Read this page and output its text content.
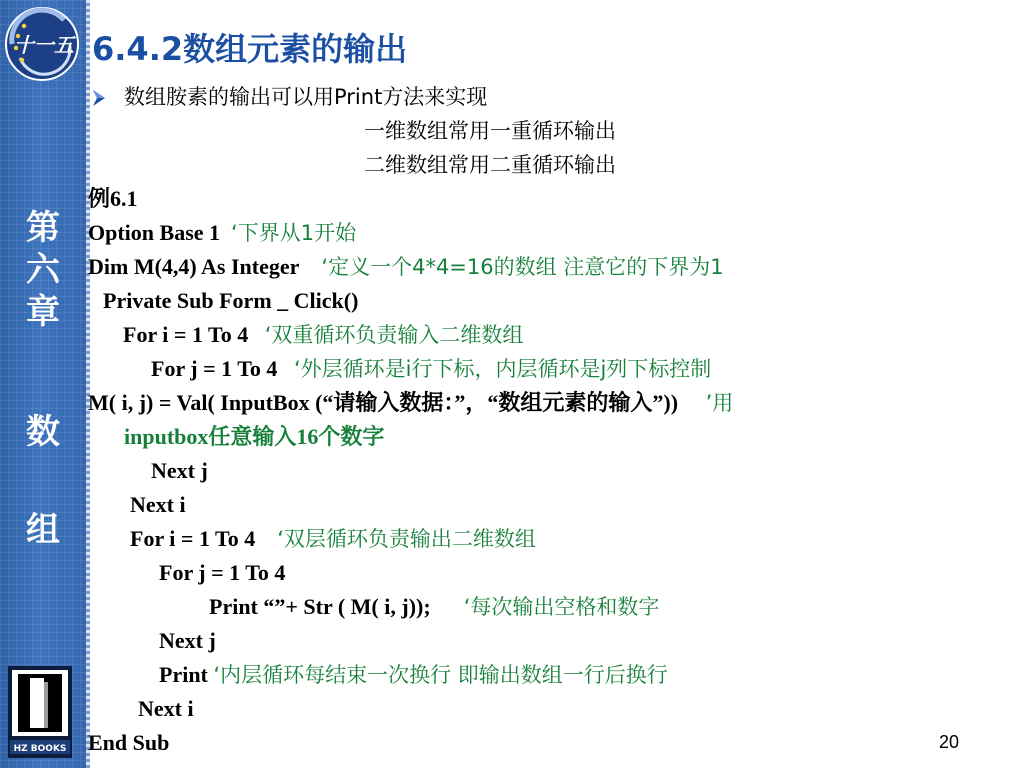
十一五
第
六
章
数
组
HZ BOOKS
6.4.2数组元素的输出
数组胺素的输出可以用Print方法来实现
一维数组常用一重循环输出
二维数组常用二重循环输出
例6.1
Option Base 1 ‘下界从1开始
Dim M(4,4) As Integer ‘定义一个4*4=16的数组 注意它的下界为1
Private Sub Form _ Click()
For i = 1 To 4 ‘双重循环负责输入二维数组
For j = 1 To 4 ‘外层循环是i行下标，内层循环是j列下标控制
M( i, j) = Val( InputBox (“请输入数据：”，“数组元素的输入”)) ’用
inputbox任意输入16个数字
Next j
Next i
For i = 1 To 4 ‘双层循环负责输出二维数组
For j = 1 To 4
Print “”+ Str ( M( i, j)); ‘每次输出空格和数字
Next j
Print ‘内层循环每结束一次换行 即输出数组一行后换行
Next i
End Sub	20
